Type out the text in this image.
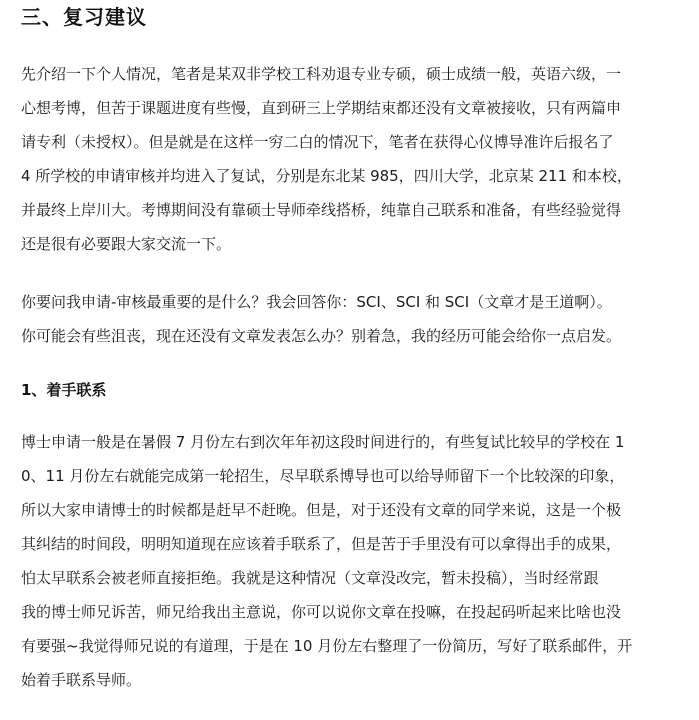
三、复习建议
先介绍一下个人情况，笔者是某双非学校工科劝退专业专硕，硕士成绩一般，英语六级，一
心想考博，但苦于课题进度有些慢，直到研三上学期结束都还没有文章被接收，只有两篇申
请专利（未授权）。但是就是在这样一穷二白的情况下，笔者在获得心仪博导准许后报名了
4 所学校的申请审核并均进入了复试，分别是东北某 985，四川大学，北京某 211 和本校，
并最终上岸川大。考博期间没有靠硕士导师牵线搭桥，纯靠自己联系和准备，有些经验觉得
还是很有必要跟大家交流一下。
你要问我申请-审核最重要的是什么？我会回答你：SCI、SCI 和 SCI（文章才是王道啊）。
你可能会有些沮丧，现在还没有文章发表怎么办？别着急，我的经历可能会给你一点启发。
1、着手联系
博士申请一般是在暑假 7 月份左右到次年年初这段时间进行的，有些复试比较早的学校在 1
0、11 月份左右就能完成第一轮招生，尽早联系博导也可以给导师留下一个比较深的印象，
所以大家申请博士的时候都是赶早不赶晚。但是，对于还没有文章的同学来说，这是一个极
其纠结的时间段，明明知道现在应该着手联系了，但是苦于手里没有可以拿得出手的成果，
怕太早联系会被老师直接拒绝。我就是这种情况（文章没改完，暂未投稿），当时经常跟
我的博士师兄诉苦，师兄给我出主意说，你可以说你文章在投嘛，在投起码听起来比啥也没
有要强~我觉得师兄说的有道理，于是在 10 月份左右整理了一份简历，写好了联系邮件，开
始着手联系导师。
